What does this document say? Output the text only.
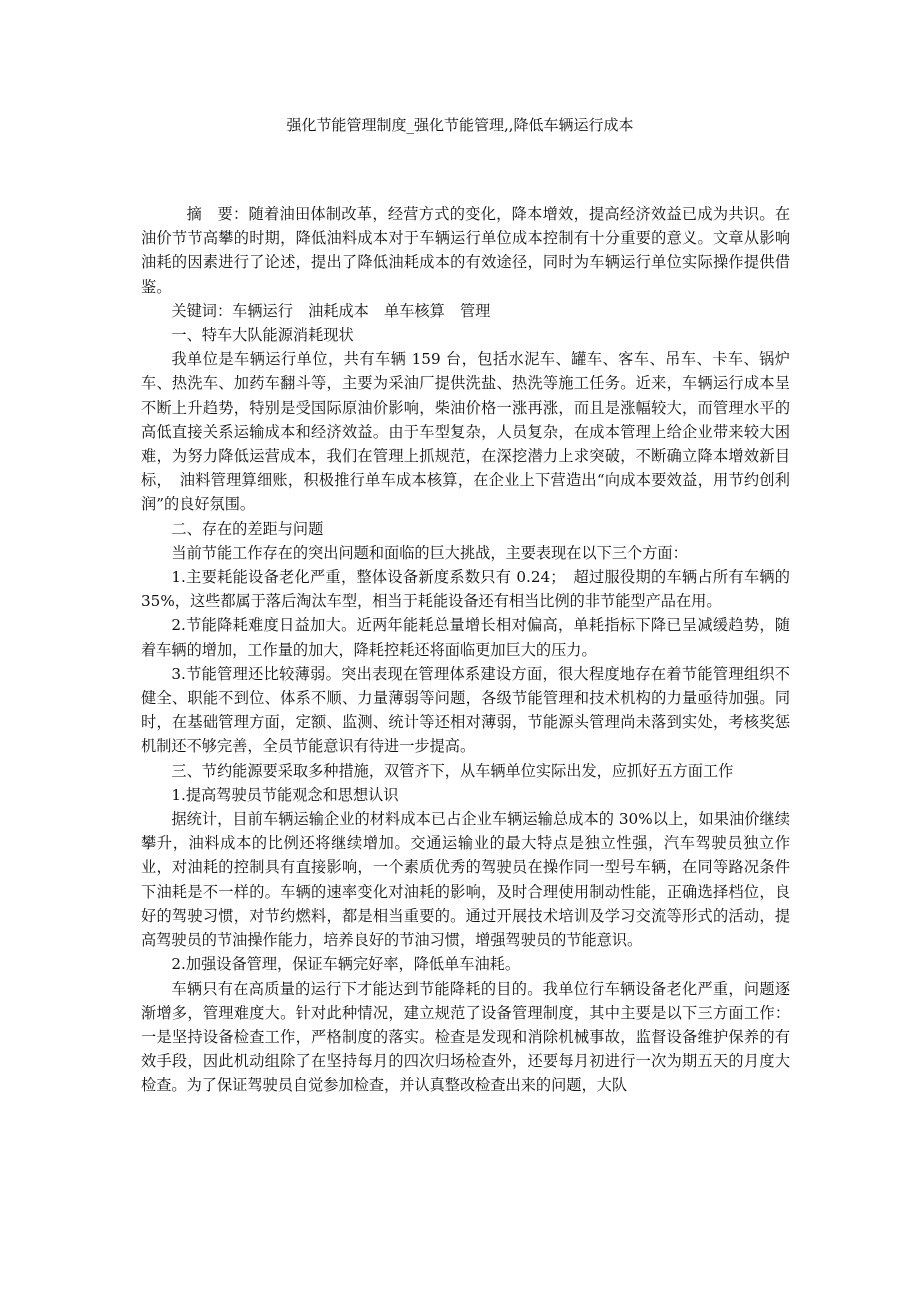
强化节能管理制度_强化节能管理,,降低车辆运行成本

摘　要：随着油田体制改革，经营方式的变化，降本增效，提高经济效益已成为共识。在油价节节高攀的时期，降低油料成本对于车辆运行单位成本控制有十分重要的意义。文章从影响油耗的因素进行了论述，提出了降低油耗成本的有效途径，同时为车辆运行单位实际操作提供借鉴。

关键词：车辆运行　油耗成本　单车核算　管理

一、特车大队能源消耗现状

我单位是车辆运行单位，共有车辆 159 台，包括水泥车、罐车、客车、吊车、卡车、锅炉车、热洗车、加药车翻斗等，主要为采油厂提供洗盐、热洗等施工任务。近来，车辆运行成本呈不断上升趋势，特别是受国际原油价影响，柴油价格一涨再涨，而且是涨幅较大，而管理水平的高低直接关系运输成本和经济效益。由于车型复杂，人员复杂，在成本管理上给企业带来较大困难，为努力降低运营成本，我们在管理上抓规范，在深挖潜力上求突破，不断确立降本增效新目标，　油料管理算细账，积极推行单车成本核算，在企业上下营造出“向成本要效益，用节约创利润”的良好氛围。

二、存在的差距与问题

当前节能工作存在的突出问题和面临的巨大挑战，主要表现在以下三个方面：

1.主要耗能设备老化严重，整体设备新度系数只有 0.24；　超过服役期的车辆占所有车辆的 35%，这些都属于落后淘汰车型，相当于耗能设备还有相当比例的非节能型产品在用。

2.节能降耗难度日益加大。近两年能耗总量增长相对偏高，单耗指标下降已呈减缓趋势，随着车辆的增加，工作量的加大，降耗控耗还将面临更加巨大的压力。

3.节能管理还比较薄弱。突出表现在管理体系建设方面，很大程度地存在着节能管理组织不健全、职能不到位、体系不顺、力量薄弱等问题，各级节能管理和技术机构的力量亟待加强。同时，在基础管理方面，定额、监测、统计等还相对薄弱，节能源头管理尚未落到实处，考核奖惩机制还不够完善，全员节能意识有待进一步提高。

三、节约能源要采取多种措施，双管齐下，从车辆单位实际出发，应抓好五方面工作

1.提高驾驶员节能观念和思想认识

据统计，目前车辆运输企业的材料成本已占企业车辆运输总成本的 30%以上，如果油价继续攀升，油料成本的比例还将继续增加。交通运输业的最大特点是独立性强，汽车驾驶员独立作业，对油耗的控制具有直接影响，一个素质优秀的驾驶员在操作同一型号车辆，在同等路况条件下油耗是不一样的。车辆的速率变化对油耗的影响，及时合理使用制动性能，正确选择档位，良好的驾驶习惯，对节约燃料，都是相当重要的。通过开展技术培训及学习交流等形式的活动，提高驾驶员的节油操作能力，培养良好的节油习惯，增强驾驶员的节能意识。

2.加强设备管理，保证车辆完好率，降低单车油耗。

车辆只有在高质量的运行下才能达到节能降耗的目的。我单位行车辆设备老化严重，问题逐渐增多，管理难度大。针对此种情况，建立规范了设备管理制度，其中主要是以下三方面工作：一是坚持设备检查工作，严格制度的落实。检查是发现和消除机械事故，监督设备维护保养的有效手段，因此机动组除了在坚持每月的四次归场检查外，还要每月初进行一次为期五天的月度大检查。为了保证驾驶员自觉参加检查，并认真整改检查出来的问题，大队
